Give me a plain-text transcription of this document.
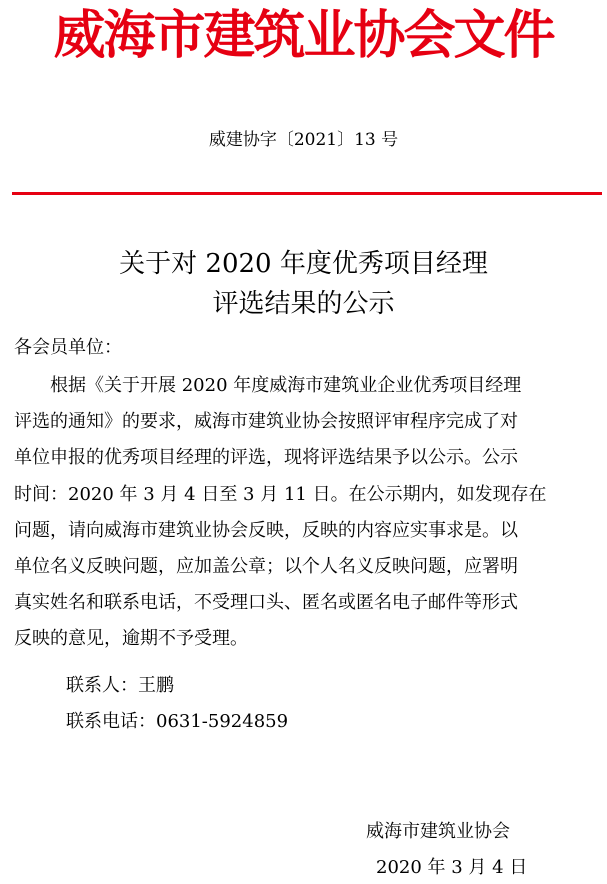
威海市建筑业协会文件
威建协字〔2021〕13 号
关于对 2020 年度优秀项目经理
评选结果的公示
各会员单位：
根据《关于开展 2020 年度威海市建筑业企业优秀项目经理
评选的通知》的要求，威海市建筑业协会按照评审程序完成了对
单位申报的优秀项目经理的评选，现将评选结果予以公示。公示
时间：2020 年 3 月 4 日至 3 月 11 日。在公示期内，如发现存在
问题，请向威海市建筑业协会反映，反映的内容应实事求是。以
单位名义反映问题，应加盖公章；以个人名义反映问题，应署明
真实姓名和联系电话，不受理口头、匿名或匿名电子邮件等形式
反映的意见，逾期不予受理。
联系人：王鹏
联系电话：0631-5924859
威海市建筑业协会
2020 年 3 月 4 日
